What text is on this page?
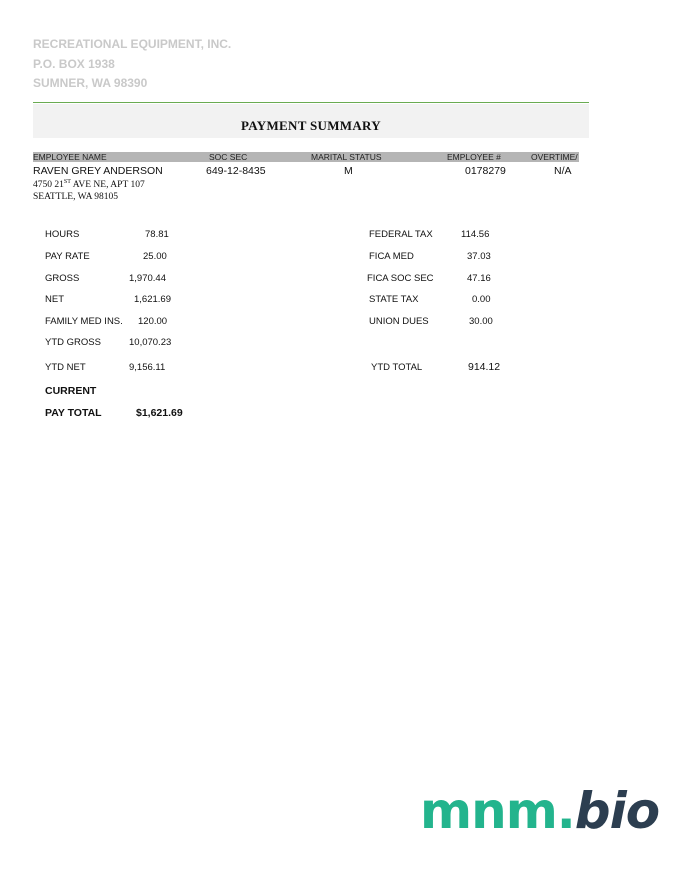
RECREATIONAL EQUIPMENT, INC.
P.O. BOX 1938
SUMNER, WA 98390
PAYMENT SUMMARY
EMPLOYEE NAME	SOC SEC	MARITAL STATUS	EMPLOYEE #	OVERTIME/
RAVEN GREY ANDERSON
4750 21ST AVE NE, APT 107
SEATTLE, WA 98105
649-12-8435	M	0178279	N/A
HOURS	78.81
PAY RATE	25.00
GROSS	1,970.44
NET	1,621.69
FAMILY MED INS. 120.00
YTD GROSS	10,070.23
YTD NET	9,156.11
FEDERAL TAX	114.56
FICA MED	37.03
FICA SOC SEC	47.16
STATE TAX	0.00
UNION DUES	30.00
YTD TOTAL	914.12
CURRENT
PAY TOTAL	$1,621.69
mnm.bio
